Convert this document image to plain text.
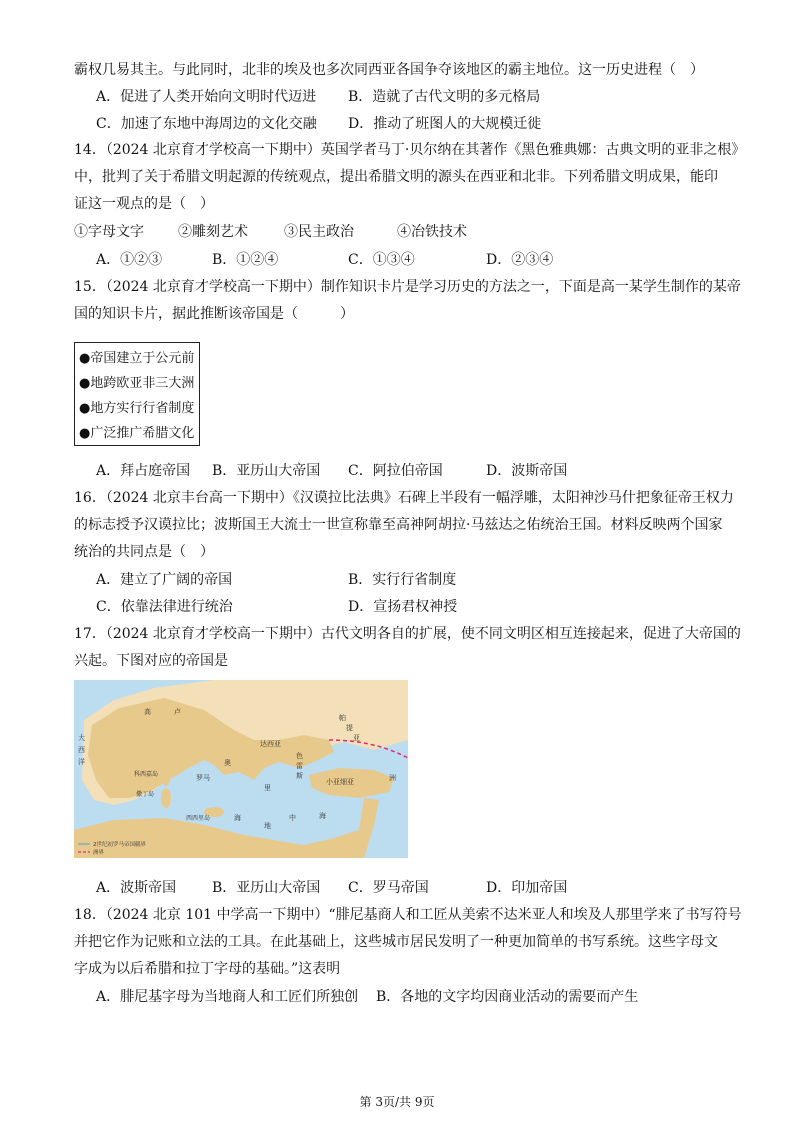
霸权几易其主。与此同时，北非的埃及也多次同西亚各国争夺该地区的霸主地位。这一历史进程（　）
A．促进了人类开始向文明时代迈进 B．造就了古代文明的多元格局
C．加速了东地中海周边的文化交融 D．推动了班图人的大规模迁徙
14．（2024 北京育才学校高一下期中）英国学者马丁·贝尔纳在其著作《黑色雅典娜：古典文明的亚非之根》
中，批判了关于希腊文明起源的传统观点，提出希腊文明的源头在西亚和北非。下列希腊文明成果，能印
证这一观点的是（　）
①字母文字 ②雕刻艺术	③民主政治	④冶铁技术
A．①②③	B．①②④	C．①③④	D．②③④
15．（2024 北京育才学校高一下期中）制作知识卡片是学习历史的方法之一，下面是高一某学生制作的某帝
国的知识卡片，据此推断该帝国是（　　　）
●帝国建立于公元前
●地跨欧亚非三大洲
●地方实行行省制度
●广泛推广希腊文化
A．拜占庭帝国 B．亚历山大帝国 C．阿拉伯帝国	D．波斯帝国
16．（2024 北京丰台高一下期中）《汉谟拉比法典》石碑上半段有一幅浮雕，太阳神沙马什把象征帝王权力
的标志授予汉谟拉比；波斯国王大流士一世宣称靠至高神阿胡拉·马兹达之佑统治王国。材料反映两个国家
统治的共同点是（　）
A．建立了广阔的帝国	B．实行行省制度
C．依靠法律进行统治	D．宣扬君权神授
17．（2024 北京育才学校高一下期中）古代文明各自的扩展，使不同文明区相互连接起来，促进了大帝国的
兴起。下图对应的帝国是
高	卢
达西亚
色
雷
斯
罗马	小亚细亚
科西嘉岛
撒丁岛
西西里岛
里
奥
海
地
中	海
帕
提
亚
洲
大
西
洋
2世纪初罗马帝国疆界
洲界
A．波斯帝国	B．亚历山大帝国 C．罗马帝国	D．印加帝国
18．（2024 北京 101 中学高一下期中）“腓尼基商人和工匠从美索不达米亚人和埃及人那里学来了书写符号
并把它作为记账和立法的工具。在此基础上，这些城市居民发明了一种更加简单的书写系统。这些字母文
字成为以后希腊和拉丁字母的基础。”这表明
A．腓尼基字母为当地商人和工匠们所独创 B．各地的文字均因商业活动的需要而产生
第 3页/共 9页
